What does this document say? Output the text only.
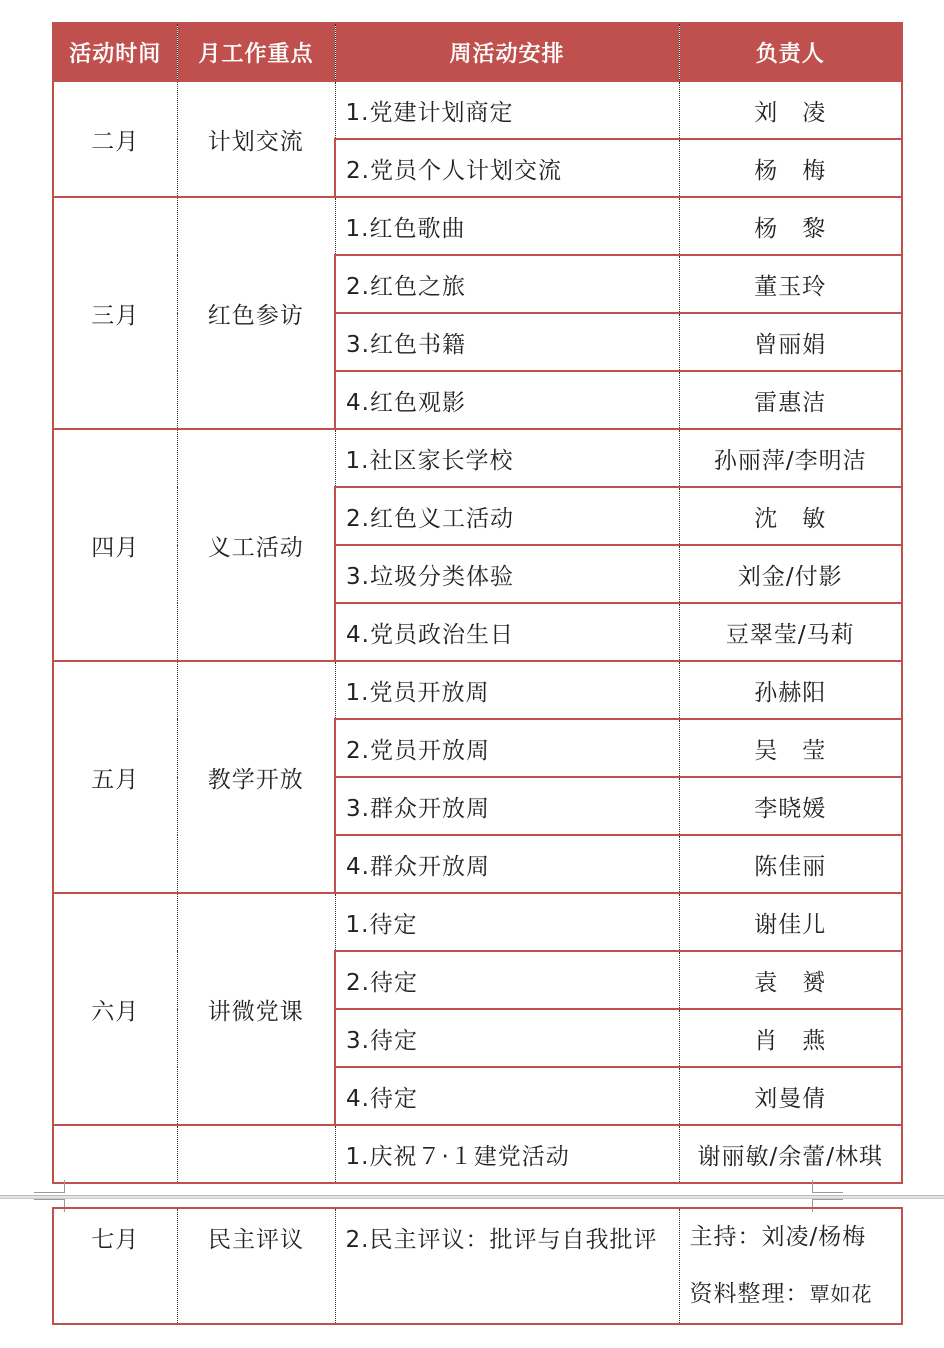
活动时间	月工作重点	周活动安排	负责人
二月	计划交流	1.党建计划商定	刘　凌
		2.党员个人计划交流	杨　梅
三月	红色参访	1.红色歌曲	杨　黎
		2.红色之旅	董玉玲
		3.红色书籍	曾丽娟
		4.红色观影	雷惠洁
四月	义工活动	1.社区家长学校	孙丽萍/李明洁
		2.红色义工活动	沈　敏
		3.垃圾分类体验	刘金/付影
		4.党员政治生日	豆翠莹/马莉
五月	教学开放	1.党员开放周	孙赫阳
		2.党员开放周	吴　莹
		3.群众开放周	李晓媛
		4.群众开放周	陈佳丽
六月	讲微党课	1.待定	谢佳儿
		2.待定	袁　赟
		3.待定	肖　燕
		4.待定	刘曼倩
		1.庆祝７·１建党活动	谢丽敏/余蕾/林琪
七月	民主评议	2.民主评议：批评与自我批评	主持：刘凌/杨梅
资料整理：覃如花
